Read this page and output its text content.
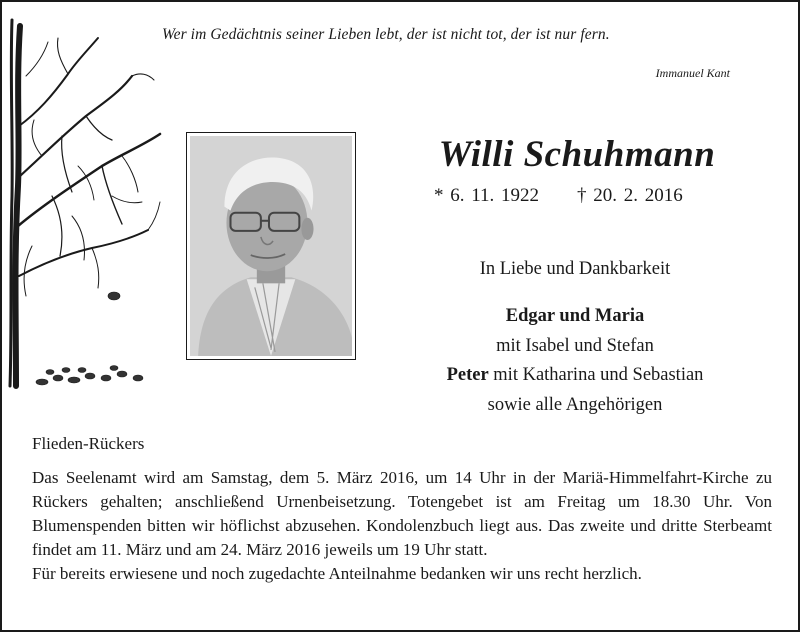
Wer im Gedächtnis seiner Lieben lebt, der ist nicht tot, der ist nur fern.
Immanuel Kant
Willi Schuhmann
* 6. 11. 1922 † 20. 2. 2016
In Liebe und Dankbarkeit
Edgar und Maria
mit Isabel und Stefan
Peter mit Katharina und Sebastian
sowie alle Angehörigen
Flieden-Rückers

Das Seelenamt wird am Samstag, dem 5. März 2016, um 14 Uhr in der Mariä-Himmelfahrt-Kirche zu Rückers gehalten; anschließend Urnenbeisetzung. Totengebet ist am Freitag um 18.30 Uhr. Von Blumenspenden bitten wir höflichst abzusehen. Kondolenzbuch liegt aus. Das zweite und dritte Sterbeamt findet am 11. März und am 24. März 2016 jeweils um 19 Uhr statt.

Für bereits erwiesene und noch zugedachte Anteilnahme bedanken wir uns recht herzlich.
